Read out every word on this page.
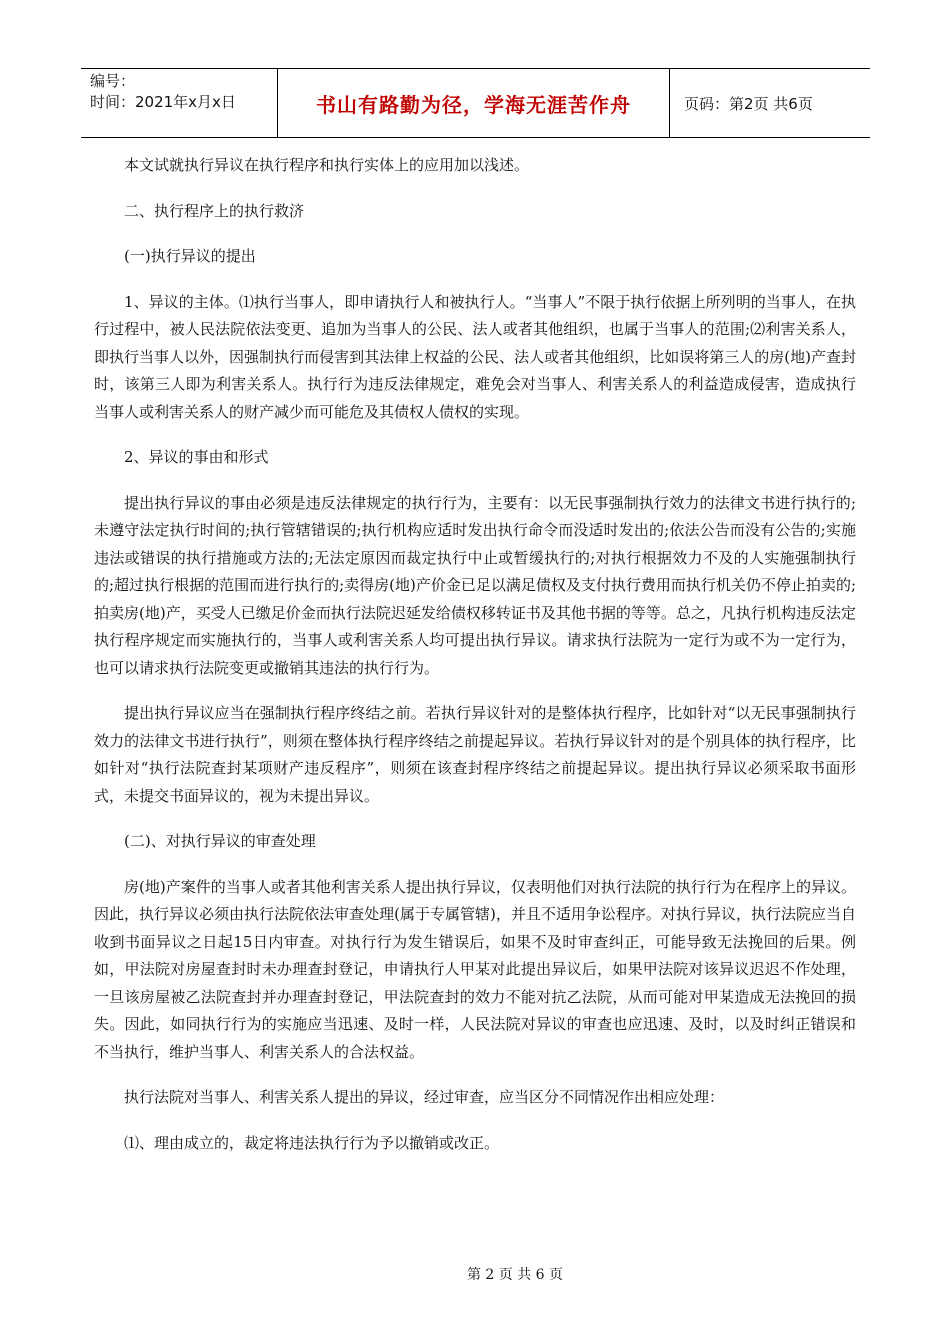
编号：
时间：2021年x月x日	书山有路勤为径，学海无涯苦作舟	页码：第2页 共6页

本文试就执行异议在执行程序和执行实体上的应用加以浅述。

二、执行程序上的执行救济

(一)执行异议的提出

1、异议的主体。⑴执行当事人，即申请执行人和被执行人。“当事人”不限于执行依据上所列明的当事人，在执行过程中，被人民法院依法变更、追加为当事人的公民、法人或者其他组织，也属于当事人的范围;⑵利害关系人，即执行当事人以外，因强制执行而侵害到其法律上权益的公民、法人或者其他组织，比如误将第三人的房(地)产查封时，该第三人即为利害关系人。执行行为违反法律规定，难免会对当事人、利害关系人的利益造成侵害，造成执行当事人或利害关系人的财产减少而可能危及其债权人债权的实现。

2、异议的事由和形式

提出执行异议的事由必须是违反法律规定的执行行为，主要有：以无民事强制执行效力的法律文书进行执行的;未遵守法定执行时间的;执行管辖错误的;执行机构应适时发出执行命令而没适时发出的;依法公告而没有公告的;实施违法或错误的执行措施或方法的;无法定原因而裁定执行中止或暂缓执行的;对执行根据效力不及的人实施强制执行的;超过执行根据的范围而进行执行的;卖得房(地)产价金已足以满足债权及支付执行费用而执行机关仍不停止拍卖的;拍卖房(地)产，买受人已缴足价金而执行法院迟延发给债权移转证书及其他书据的等等。总之，凡执行机构违反法定执行程序规定而实施执行的，当事人或利害关系人均可提出执行异议。请求执行法院为一定行为或不为一定行为，也可以请求执行法院变更或撤销其违法的执行行为。

提出执行异议应当在强制执行程序终结之前。若执行异议针对的是整体执行程序，比如针对“以无民事强制执行效力的法律文书进行执行”，则须在整体执行程序终结之前提起异议。若执行异议针对的是个别具体的执行程序，比如针对“执行法院查封某项财产违反程序”，则须在该查封程序终结之前提起异议。提出执行异议必须采取书面形式，未提交书面异议的，视为未提出异议。

(二)、对执行异议的审查处理

房(地)产案件的当事人或者其他利害关系人提出执行异议，仅表明他们对执行法院的执行行为在程序上的异议。因此，执行异议必须由执行法院依法审查处理(属于专属管辖)，并且不适用争讼程序。对执行异议，执行法院应当自收到书面异议之日起15日内审查。对执行行为发生错误后，如果不及时审查纠正，可能导致无法挽回的后果。例如，甲法院对房屋查封时未办理查封登记，申请执行人甲某对此提出异议后，如果甲法院对该异议迟迟不作处理，一旦该房屋被乙法院查封并办理查封登记，甲法院查封的效力不能对抗乙法院，从而可能对甲某造成无法挽回的损失。因此，如同执行行为的实施应当迅速、及时一样，人民法院对异议的审查也应迅速、及时，以及时纠正错误和不当执行，维护当事人、利害关系人的合法权益。

执行法院对当事人、利害关系人提出的异议，经过审查，应当区分不同情况作出相应处理：

⑴、理由成立的，裁定将违法执行行为予以撤销或改正。

第 2 页 共 6 页
